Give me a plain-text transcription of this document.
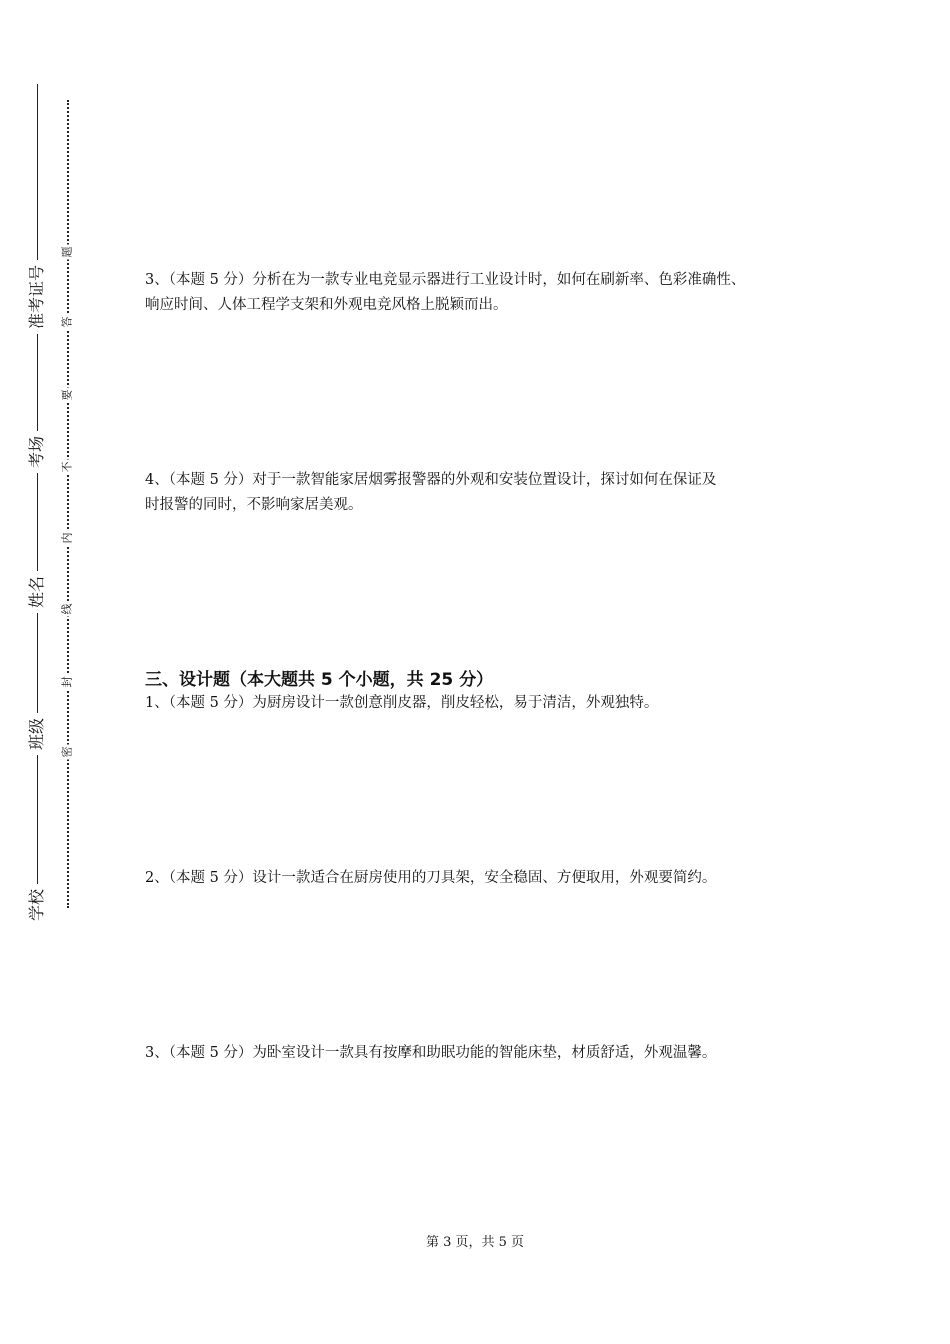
准考证号
考场
姓名
班级
学校
题
答
要
不
内
线
封
密
3、（本题 5 分）分析在为一款专业电竞显示器进行工业设计时，如何在刷新率、色彩准确性、
响应时间、人体工程学支架和外观电竞风格上脱颖而出。
4、（本题 5 分）对于一款智能家居烟雾报警器的外观和安装位置设计，探讨如何在保证及
时报警的同时，不影响家居美观。
三、设计题（本大题共 5 个小题，共 25 分）
1、（本题 5 分）为厨房设计一款创意削皮器，削皮轻松，易于清洁，外观独特。
2、（本题 5 分）设计一款适合在厨房使用的刀具架，安全稳固、方便取用，外观要简约。
3、（本题 5 分）为卧室设计一款具有按摩和助眠功能的智能床垫，材质舒适，外观温馨。
第 3 页，共 5 页
